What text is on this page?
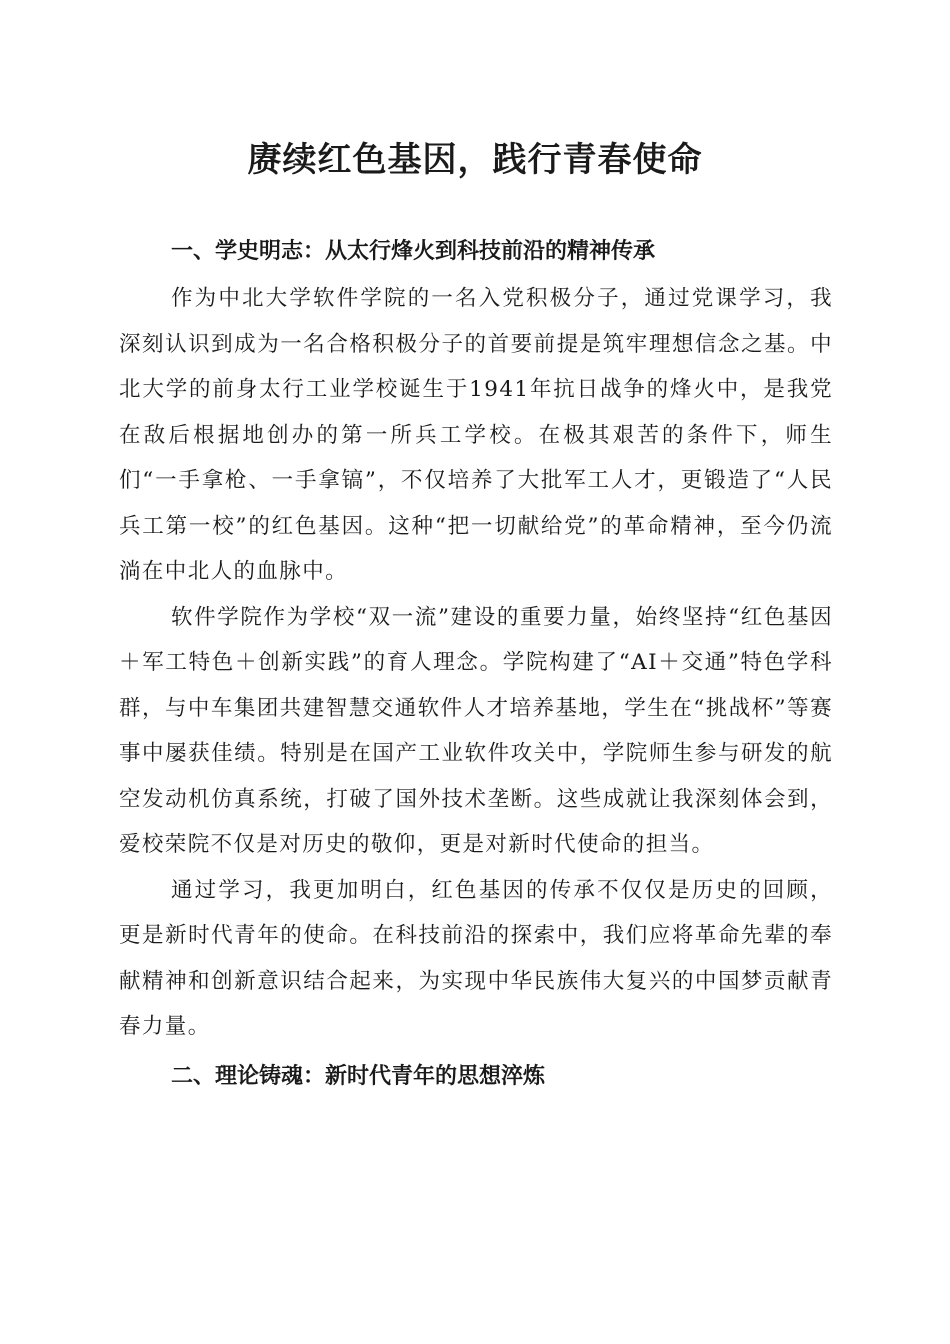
赓续红色基因，践行青春使命
一、学史明志：从太行烽火到科技前沿的精神传承

作为中北大学软件学院的一名入党积极分子，通过党课学习，我深刻认识到成为一名合格积极分子的首要前提是筑牢理想信念之基。中北大学的前身太行工业学校诞生于1941年抗日战争的烽火中，是我党在敌后根据地创办的第一所兵工学校。在极其艰苦的条件下，师生们“一手拿枪、一手拿镐”，不仅培养了大批军工人才，更锻造了“人民兵工第一校”的红色基因。这种“把一切献给党”的革命精神，至今仍流淌在中北人的血脉中。

软件学院作为学校“双一流”建设的重要力量，始终坚持“红色基因＋军工特色＋创新实践”的育人理念。学院构建了“AI＋交通”特色学科群，与中车集团共建智慧交通软件人才培养基地，学生在“挑战杯”等赛事中屡获佳绩。特别是在国产工业软件攻关中，学院师生参与研发的航空发动机仿真系统，打破了国外技术垄断。这些成就让我深刻体会到，爱校荣院不仅是对历史的敬仰，更是对新时代使命的担当。

通过学习，我更加明白，红色基因的传承不仅仅是历史的回顾，更是新时代青年的使命。在科技前沿的探索中，我们应将革命先辈的奉献精神和创新意识结合起来，为实现中华民族伟大复兴的中国梦贡献青春力量。

二、理论铸魂：新时代青年的思想淬炼
